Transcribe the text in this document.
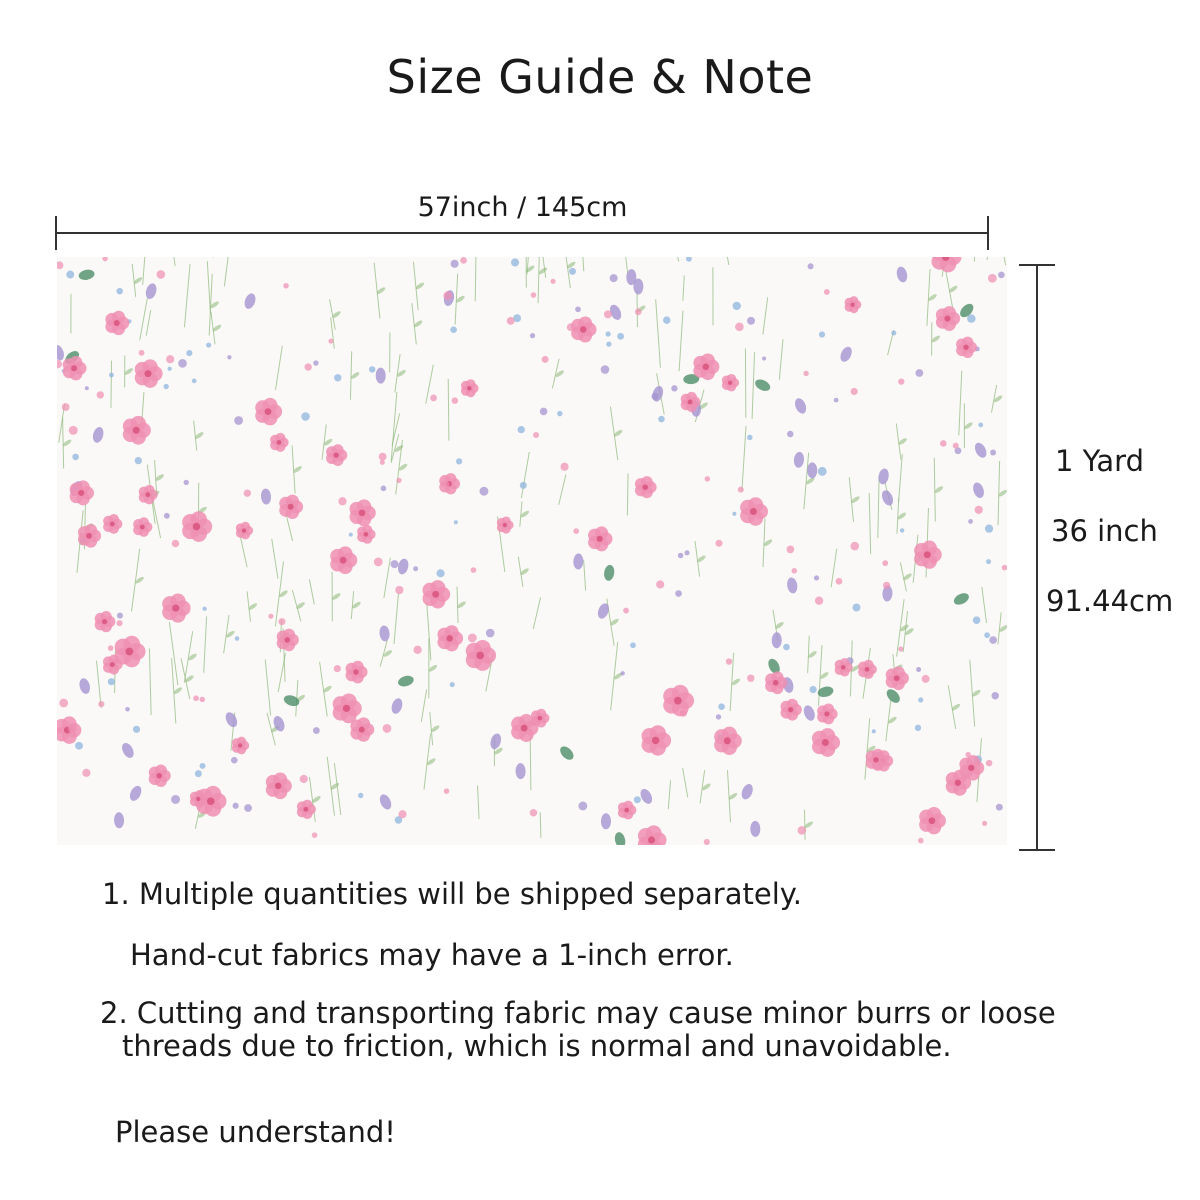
Size Guide & Note
57inch / 145cm
1 Yard
36 inch
91.44cm
1. Multiple quantities will be shipped separately.
Hand-cut fabrics may have a 1-inch error.
2. Cutting and transporting fabric may cause minor burrs or loose
threads due to friction, which is normal and unavoidable.
Please understand!
